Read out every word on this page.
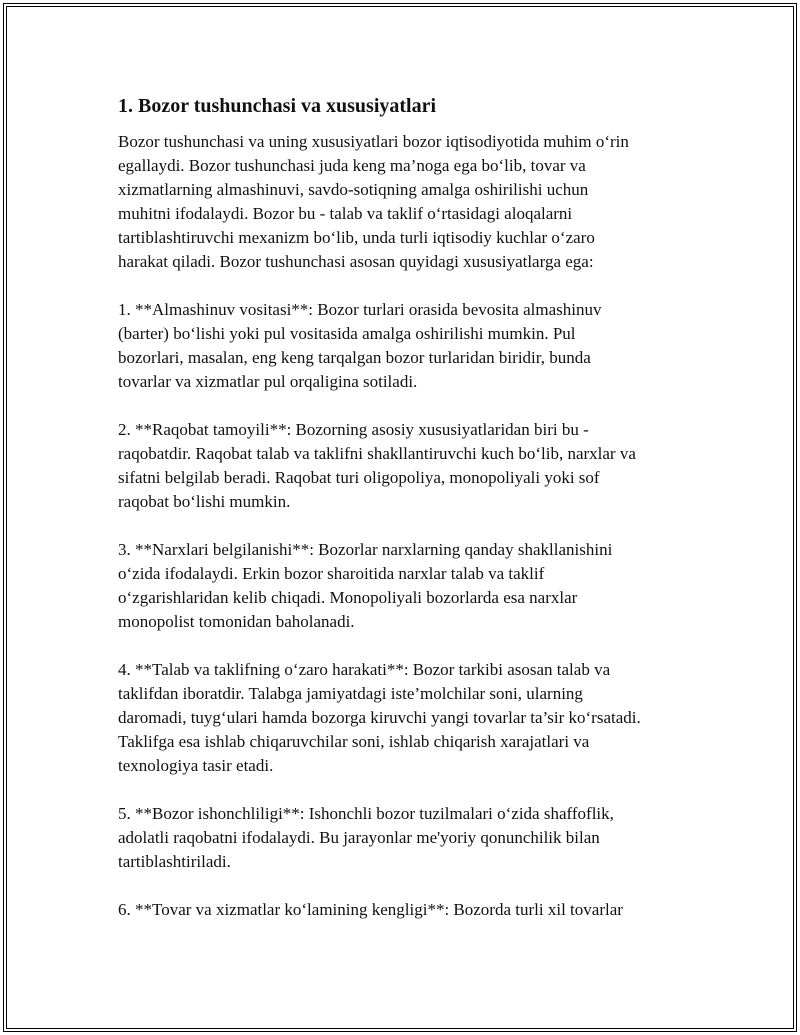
1. Bozor tushunchasi va xususiyatlari
Bozor tushunchasi va uning xususiyatlari bozor iqtisodiyotida muhim o‘rin
egallaydi. Bozor tushunchasi juda keng ma’noga ega bo‘lib, tovar va
xizmatlarning almashinuvi, savdo-sotiqning amalga oshirilishi uchun
muhitni ifodalaydi. Bozor bu - talab va taklif o‘rtasidagi aloqalarni
tartiblashtiruvchi mexanizm bo‘lib, unda turli iqtisodiy kuchlar o‘zaro
harakat qiladi. Bozor tushunchasi asosan quyidagi xususiyatlarga ega:
1. **Almashinuv vositasi**: Bozor turlari orasida bevosita almashinuv
(barter) bo‘lishi yoki pul vositasida amalga oshirilishi mumkin. Pul
bozorlari, masalan, eng keng tarqalgan bozor turlaridan biridir, bunda
tovarlar va xizmatlar pul orqaligina sotiladi.
2. **Raqobat tamoyili**: Bozorning asosiy xususiyatlaridan biri bu -
raqobatdir. Raqobat talab va taklifni shakllantiruvchi kuch bo‘lib, narxlar va
sifatni belgilab beradi. Raqobat turi oligopoliya, monopoliyali yoki sof
raqobat bo‘lishi mumkin.
3. **Narxlari belgilanishi**: Bozorlar narxlarning qanday shakllanishini
o‘zida ifodalaydi. Erkin bozor sharoitida narxlar talab va taklif
o‘zgarishlaridan kelib chiqadi. Monopoliyali bozorlarda esa narxlar
monopolist tomonidan baholanadi.
4. **Talab va taklifning o‘zaro harakati**: Bozor tarkibi asosan talab va
taklifdan iboratdir. Talabga jamiyatdagi iste’molchilar soni, ularning
daromadi, tuyg‘ulari hamda bozorga kiruvchi yangi tovarlar ta’sir ko‘rsatadi.
Taklifga esa ishlab chiqaruvchilar soni, ishlab chiqarish xarajatlari va
texnologiya tasir etadi.
5. **Bozor ishonchliligi**: Ishonchli bozor tuzilmalari o‘zida shaffoflik,
adolatli raqobatni ifodalaydi. Bu jarayonlar me'yoriy qonunchilik bilan
tartiblashtiriladi.
6. **Tovar va xizmatlar ko‘lamining kengligi**: Bozorda turli xil tovarlar
